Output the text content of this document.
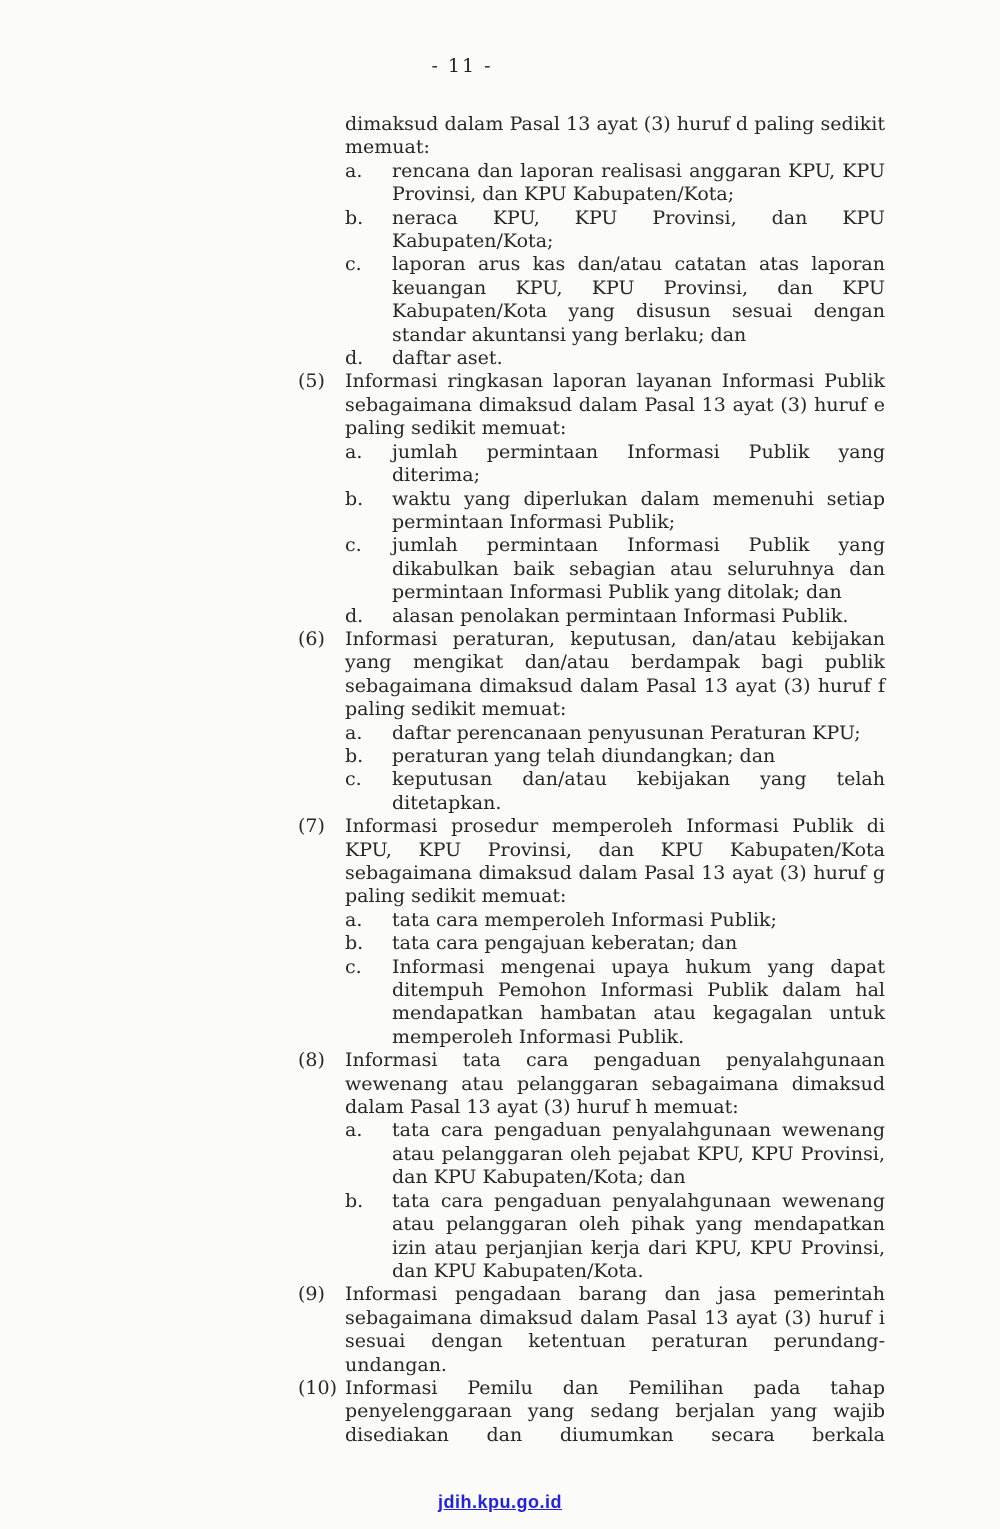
- 11 -

dimaksud dalam Pasal 13 ayat (3) huruf d paling sedikit memuat:

a.	rencana dan laporan realisasi anggaran KPU, KPU Provinsi, dan KPU Kabupaten/Kota;

b.	neraca KPU, KPU Provinsi, dan KPU Kabupaten/Kota;

c.	laporan arus kas dan/atau catatan atas laporan keuangan KPU, KPU Provinsi, dan KPU Kabupaten/Kota yang disusun sesuai dengan standar akuntansi yang berlaku; dan

d.	daftar aset.

(5)	Informasi ringkasan laporan layanan Informasi Publik sebagaimana dimaksud dalam Pasal 13 ayat (3) huruf e paling sedikit memuat:

a.	jumlah permintaan Informasi Publik yang diterima;

b.	waktu yang diperlukan dalam memenuhi setiap permintaan Informasi Publik;

c.	jumlah permintaan Informasi Publik yang dikabulkan baik sebagian atau seluruhnya dan permintaan Informasi Publik yang ditolak; dan

d.	alasan penolakan permintaan Informasi Publik.

(6)	Informasi peraturan, keputusan, dan/atau kebijakan yang mengikat dan/atau berdampak bagi publik sebagaimana dimaksud dalam Pasal 13 ayat (3) huruf f paling sedikit memuat:

a.	daftar perencanaan penyusunan Peraturan KPU;

b.	peraturan yang telah diundangkan; dan

c.	keputusan dan/atau kebijakan yang telah ditetapkan.

(7)	Informasi prosedur memperoleh Informasi Publik di KPU, KPU Provinsi, dan KPU Kabupaten/Kota sebagaimana dimaksud dalam Pasal 13 ayat (3) huruf g paling sedikit memuat:

a.	tata cara memperoleh Informasi Publik;

b.	tata cara pengajuan keberatan; dan

c.	Informasi mengenai upaya hukum yang dapat ditempuh Pemohon Informasi Publik dalam hal mendapatkan hambatan atau kegagalan untuk memperoleh Informasi Publik.

(8)	Informasi tata cara pengaduan penyalahgunaan wewenang atau pelanggaran sebagaimana dimaksud dalam Pasal 13 ayat (3) huruf h memuat:

a.	tata cara pengaduan penyalahgunaan wewenang atau pelanggaran oleh pejabat KPU, KPU Provinsi, dan KPU Kabupaten/Kota; dan

b.	tata cara pengaduan penyalahgunaan wewenang atau pelanggaran oleh pihak yang mendapatkan izin atau perjanjian kerja dari KPU, KPU Provinsi, dan KPU Kabupaten/Kota.

(9)	Informasi pengadaan barang dan jasa pemerintah sebagaimana dimaksud dalam Pasal 13 ayat (3) huruf i sesuai dengan ketentuan peraturan perundang-undangan.

(10) Informasi Pemilu dan Pemilihan pada tahap penyelenggaraan yang sedang berjalan yang wajib disediakan dan diumumkan secara berkala

jdih.kpu.go.id
